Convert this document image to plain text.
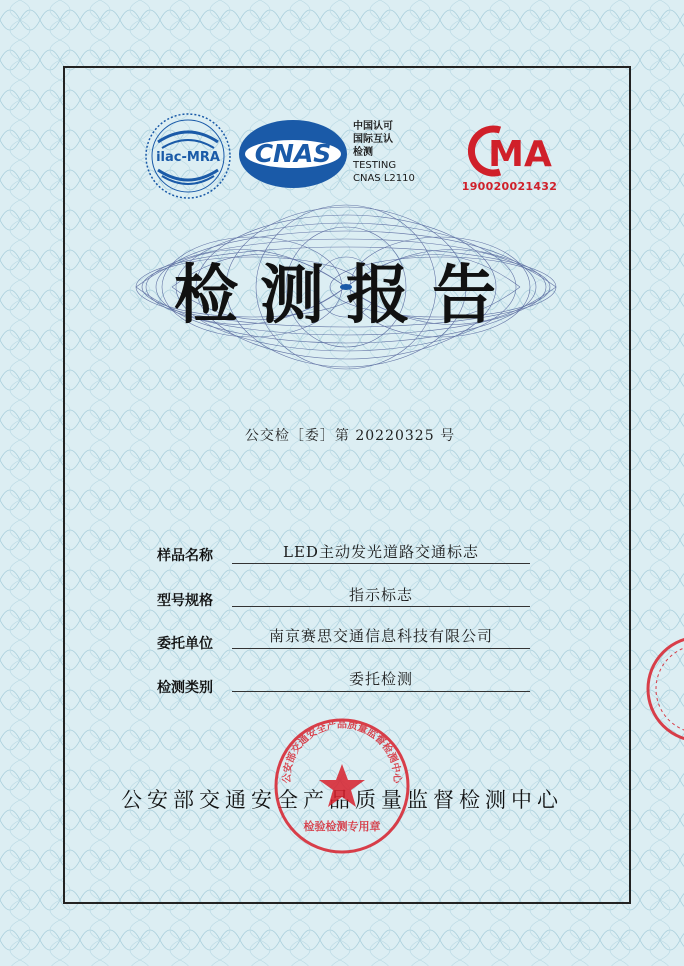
ilac-MRA CNAS
中国认可
国际互认
检测
TESTING
CNAS L2110
MA
190020021432
检测报告
公交检［委］第 20220325 号
样品名称	LED主动发光道路交通标志
型号规格	指示标志
委托单位	南京赛思交通信息科技有限公司
检测类别	委托检测
公安部交通安全产品质量监督检测中心
公安部交通安全产品质量监督检测中心
检验检测专用章
